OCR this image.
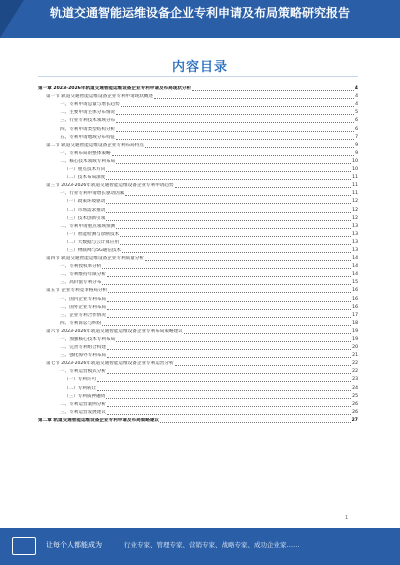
轨道交通智能运维设备企业专利申请及布局策略研究报告
内容目录
第一章 2023-2026年轨道交通智能运维设备企业专利申请及布局现状分析	4
第一节 轨道交通智能运维设备企业专利申请现状概述	4
一、专利申请总量与增长趋势	4
二、主要申请主体分布情况	5
三、行业专利技术领域分布	6
四、专利申请类型结构分析	6
五、专利申请地域分布特征	7
第二节 轨道交通智能运维设备企业专利布局特点	9
一、专利布局的整体策略	9
二、核心技术领域专利布局	10
（一）重点技术方向	10
（二）技术布局深度	11
第三节 2023-2026年轨道交通智能运维设备企业专利申请趋势	11
一、行业专利申请增长驱动因素	11
（一）政策环境驱动	12
（二）市场需求推动	12
（三）技术创新引领	12
二、专利申请重点领域预测	13
（一）智能检测与诊断技术	13
（二）大数据与云计算应用	13
（三）物联网与5G通信技术	13
第四节 轨道交通智能运维设备企业专利质量分析	14
一、专利授权率分析	14
二、专利维持年限分析	14
三、高价值专利分布	15
第五节 企业专利竞争格局分析	16
一、国内企业专利布局	16
二、国外企业专利布局	16
三、企业专利合作情况	17
四、专利诉讼与纠纷	18
第六节 2023-2026年轨道交通智能运维设备企业专利布局策略建议	19
一、加强核心技术专利布局	19
二、完善专利组合构建	20
三、强化海外专利布局	21
第七节 2023-2026年轨道交通智能运维设备企业专利运营分析	22
一、专利运营模式分析	22
（一）专利许可	23
（二）专利转让	24
（三）专利质押融资	25
二、专利运营案例分析	26
三、专利运营发展建议	26
第二章 轨道交通智能运维设备企业专利申请及布局策略建议	27
1
让每个人都能成为	行业专家、管理专家、营销专家、战略专家、成功企业家……
